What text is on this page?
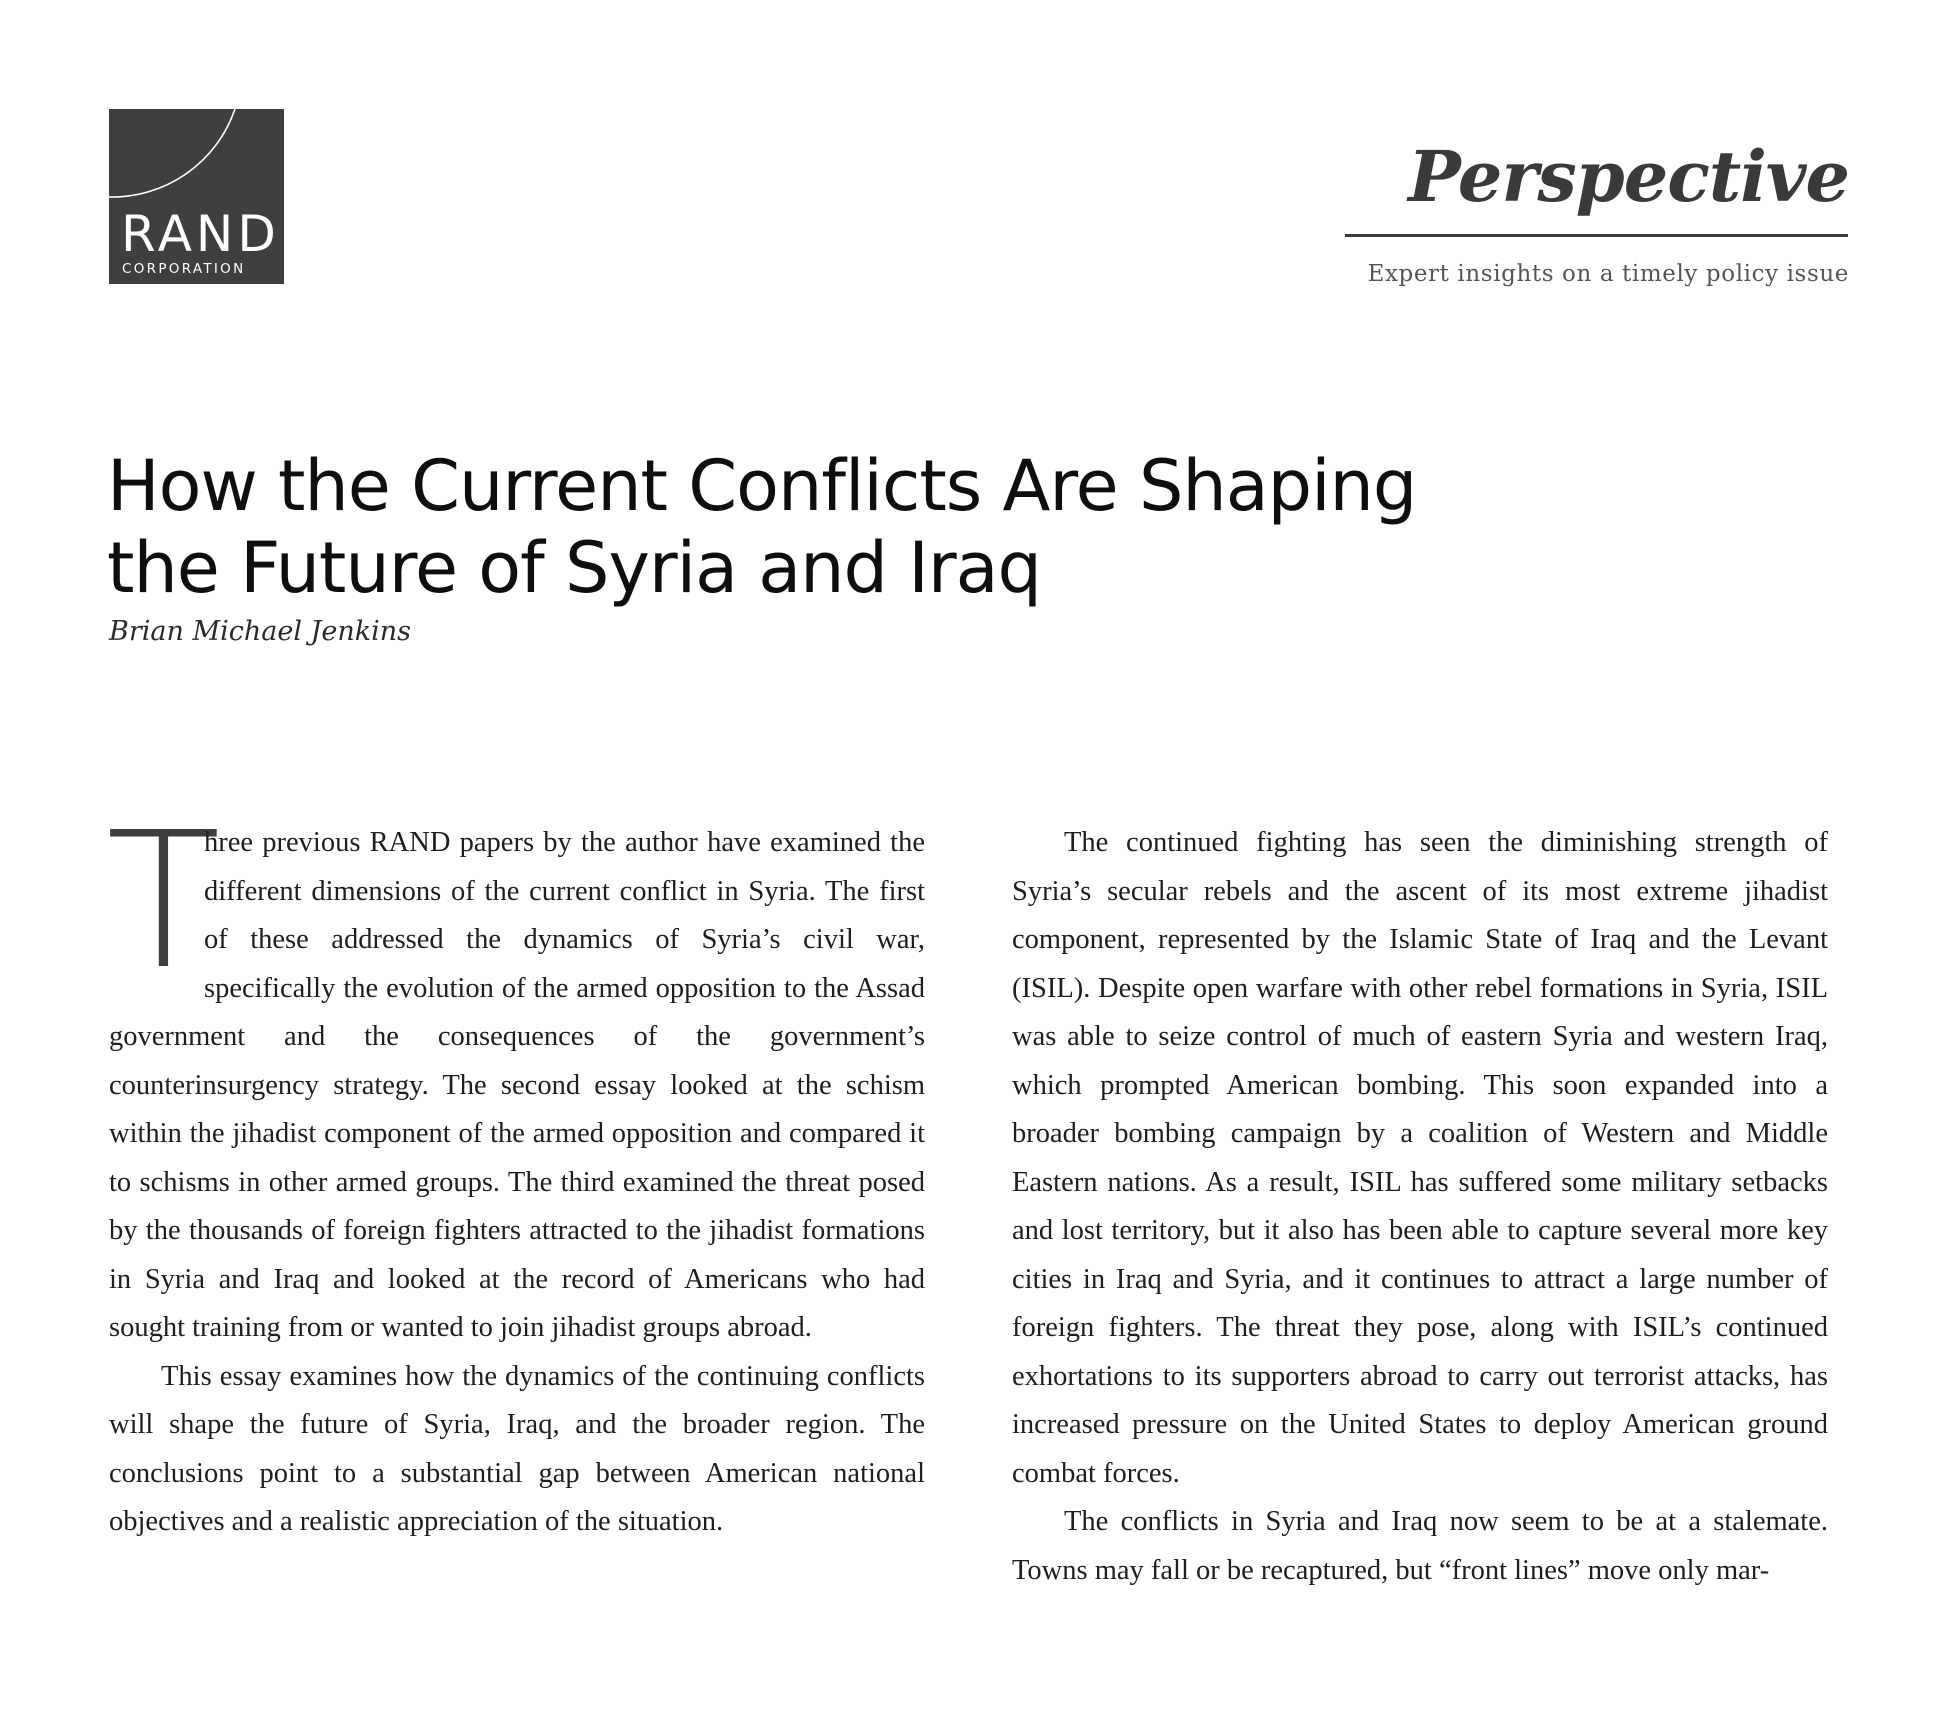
RAND
CORPORATION
Perspective
Expert insights on a timely policy issue
How the Current Conflicts Are Shaping the Future of Syria and Iraq
Brian Michael Jenkins

T
hree previous RAND papers by the author have examined the different dimensions of the current conflict in Syria. The first of these addressed the dynamics of Syria’s civil war, specifically the evolution of the armed opposition to the Assad government and the consequences of the government’s counterinsurgency strategy. The second essay looked at the schism within the jihadist component of the armed opposition and compared it to schisms in other armed groups. The third examined the threat posed by the thousands of foreign fighters attracted to the jihadist formations in Syria and Iraq and looked at the record of Americans who had sought training from or wanted to join jihadist groups abroad.

This essay examines how the dynamics of the continuing conflicts will shape the future of Syria, Iraq, and the broader region. The conclusions point to a substantial gap between American national objectives and a realistic appreciation of the situation.

The continued fighting has seen the diminishing strength of Syria’s secular rebels and the ascent of its most extreme jihadist component, represented by the Islamic State of Iraq and the Levant (ISIL). Despite open warfare with other rebel formations in Syria, ISIL was able to seize control of much of eastern Syria and western Iraq, which prompted American bombing. This soon expanded into a broader bombing campaign by a coalition of Western and Middle Eastern nations. As a result, ISIL has suffered some military setbacks and lost territory, but it also has been able to capture several more key cities in Iraq and Syria, and it continues to attract a large number of foreign fighters. The threat they pose, along with ISIL’s continued exhortations to its supporters abroad to carry out terrorist attacks, has increased pressure on the United States to deploy American ground combat forces.

The conflicts in Syria and Iraq now seem to be at a stalemate. Towns may fall or be recaptured, but “front lines” move only mar-
